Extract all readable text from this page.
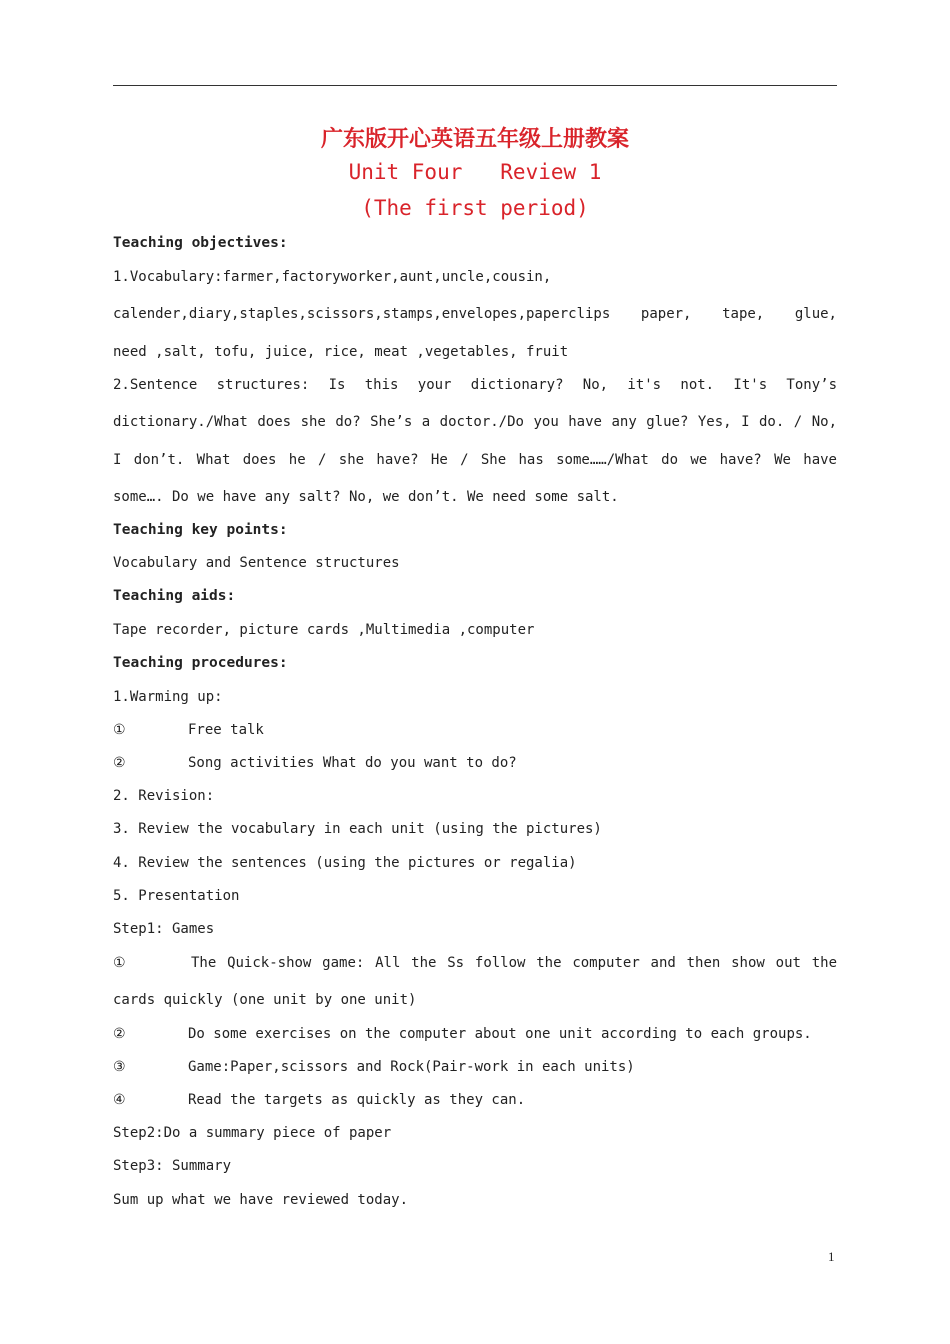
广东版开心英语五年级上册教案
Unit Four   Review 1
(The first period)
Teaching objectives:
1.Vocabulary:farmer,factoryworker,aunt,uncle,cousin,
calender,diary,staples,scissors,stamps,envelopes,paperclips paper, tape, glue,
need ,salt, tofu, juice, rice, meat ,vegetables, fruit
2.Sentence structures: Is this your dictionary? No, it's not. It's Tony’s
dictionary./What does she do? She’s a doctor./Do you have any glue? Yes, I do. / No,
I don’t. What does he / she have? He / She has some……/What do we have? We have
some…. Do we have any salt? No, we don’t. We need some salt.
Teaching key points:
Vocabulary and Sentence structures
Teaching aids:
Tape recorder, picture cards ,Multimedia ,computer
Teaching procedures:
1.Warming up:
①	Free talk
②	Song activities What do you want to do?
2. Revision:
3. Review the vocabulary in each unit (using the pictures)
4. Review the sentences (using the pictures or regalia)
5. Presentation
Step1: Games
①	The Quick-show game: All the Ss follow the computer and then show out the
cards quickly (one unit by one unit)
②	Do some exercises on the computer about one unit according to each groups.
③	Game:Paper,scissors and Rock(Pair-work in each units)
④	Read the targets as quickly as they can.
Step2:Do a summary piece of paper
Step3: Summary
Sum up what we have reviewed today.
1
